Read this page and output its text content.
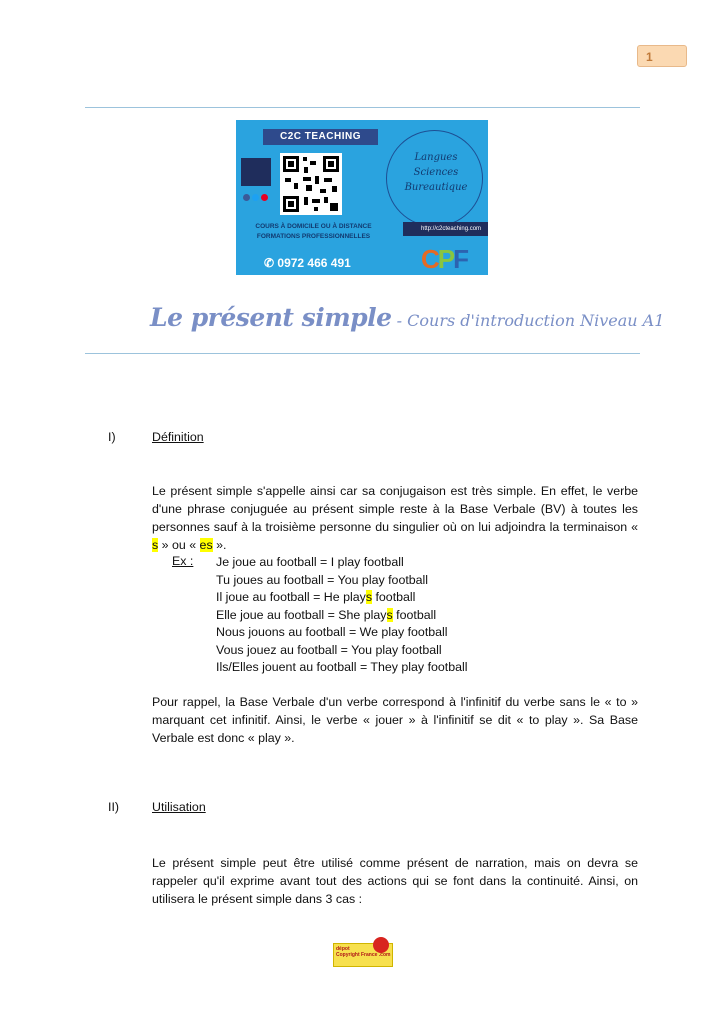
1
C2C TEACHING
Langues
Sciences
Bureautique
COURS À DOMICILE OU À DISTANCE
FORMATIONS PROFESSIONNELLES
✆ 0972 466 491
http://c2cteaching.com
CPF
Le présent simple - Cours d'introduction Niveau A1
I)	Définition
Le présent simple s'appelle ainsi car sa conjugaison est très simple. En effet, le verbe d'une phrase conjuguée au présent simple reste à la Base Verbale (BV) à toutes les personnes sauf à la troisième personne du singulier où on lui adjoindra la terminaison « s » ou « es ».
Ex : Je joue au football = I play football
Tu joues au football = You play football
Il joue au football = He plays football
Elle joue au football = She plays football
Nous jouons au football = We play football
Vous jouez au football = You play football
Ils/Elles jouent au football = They play football
Pour rappel, la Base Verbale d'un verbe correspond à l'infinitif du verbe sans le « to » marquant cet infinitif. Ainsi, le verbe « jouer » à l'infinitif se dit « to play ». Sa Base Verbale est donc « play ».
II)	Utilisation
Le présent simple peut être utilisé comme présent de narration, mais on devra se rappeler qu'il exprime avant tout des actions qui se font dans la continuité. Ainsi, on utilisera le présent simple dans 3 cas :
dépot
Copyright France .com
